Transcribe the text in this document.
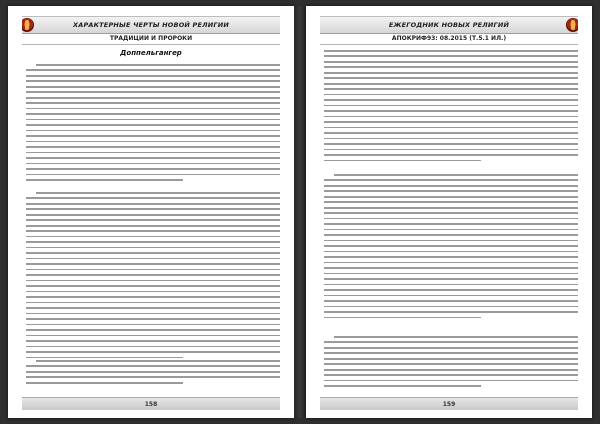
ХАРАКТЕРНЫЕ ЧЕРТЫ НОВОЙ РЕЛИГИИ
ТРАДИЦИИ И ПРОРОКИ
Доппельгангер
158
ЕЖЕГОДНИК НОВЫХ РЕЛИГИЙ
АПОКРИФ93: 08.2015 (Т.5.1 ИЛ.)
159
